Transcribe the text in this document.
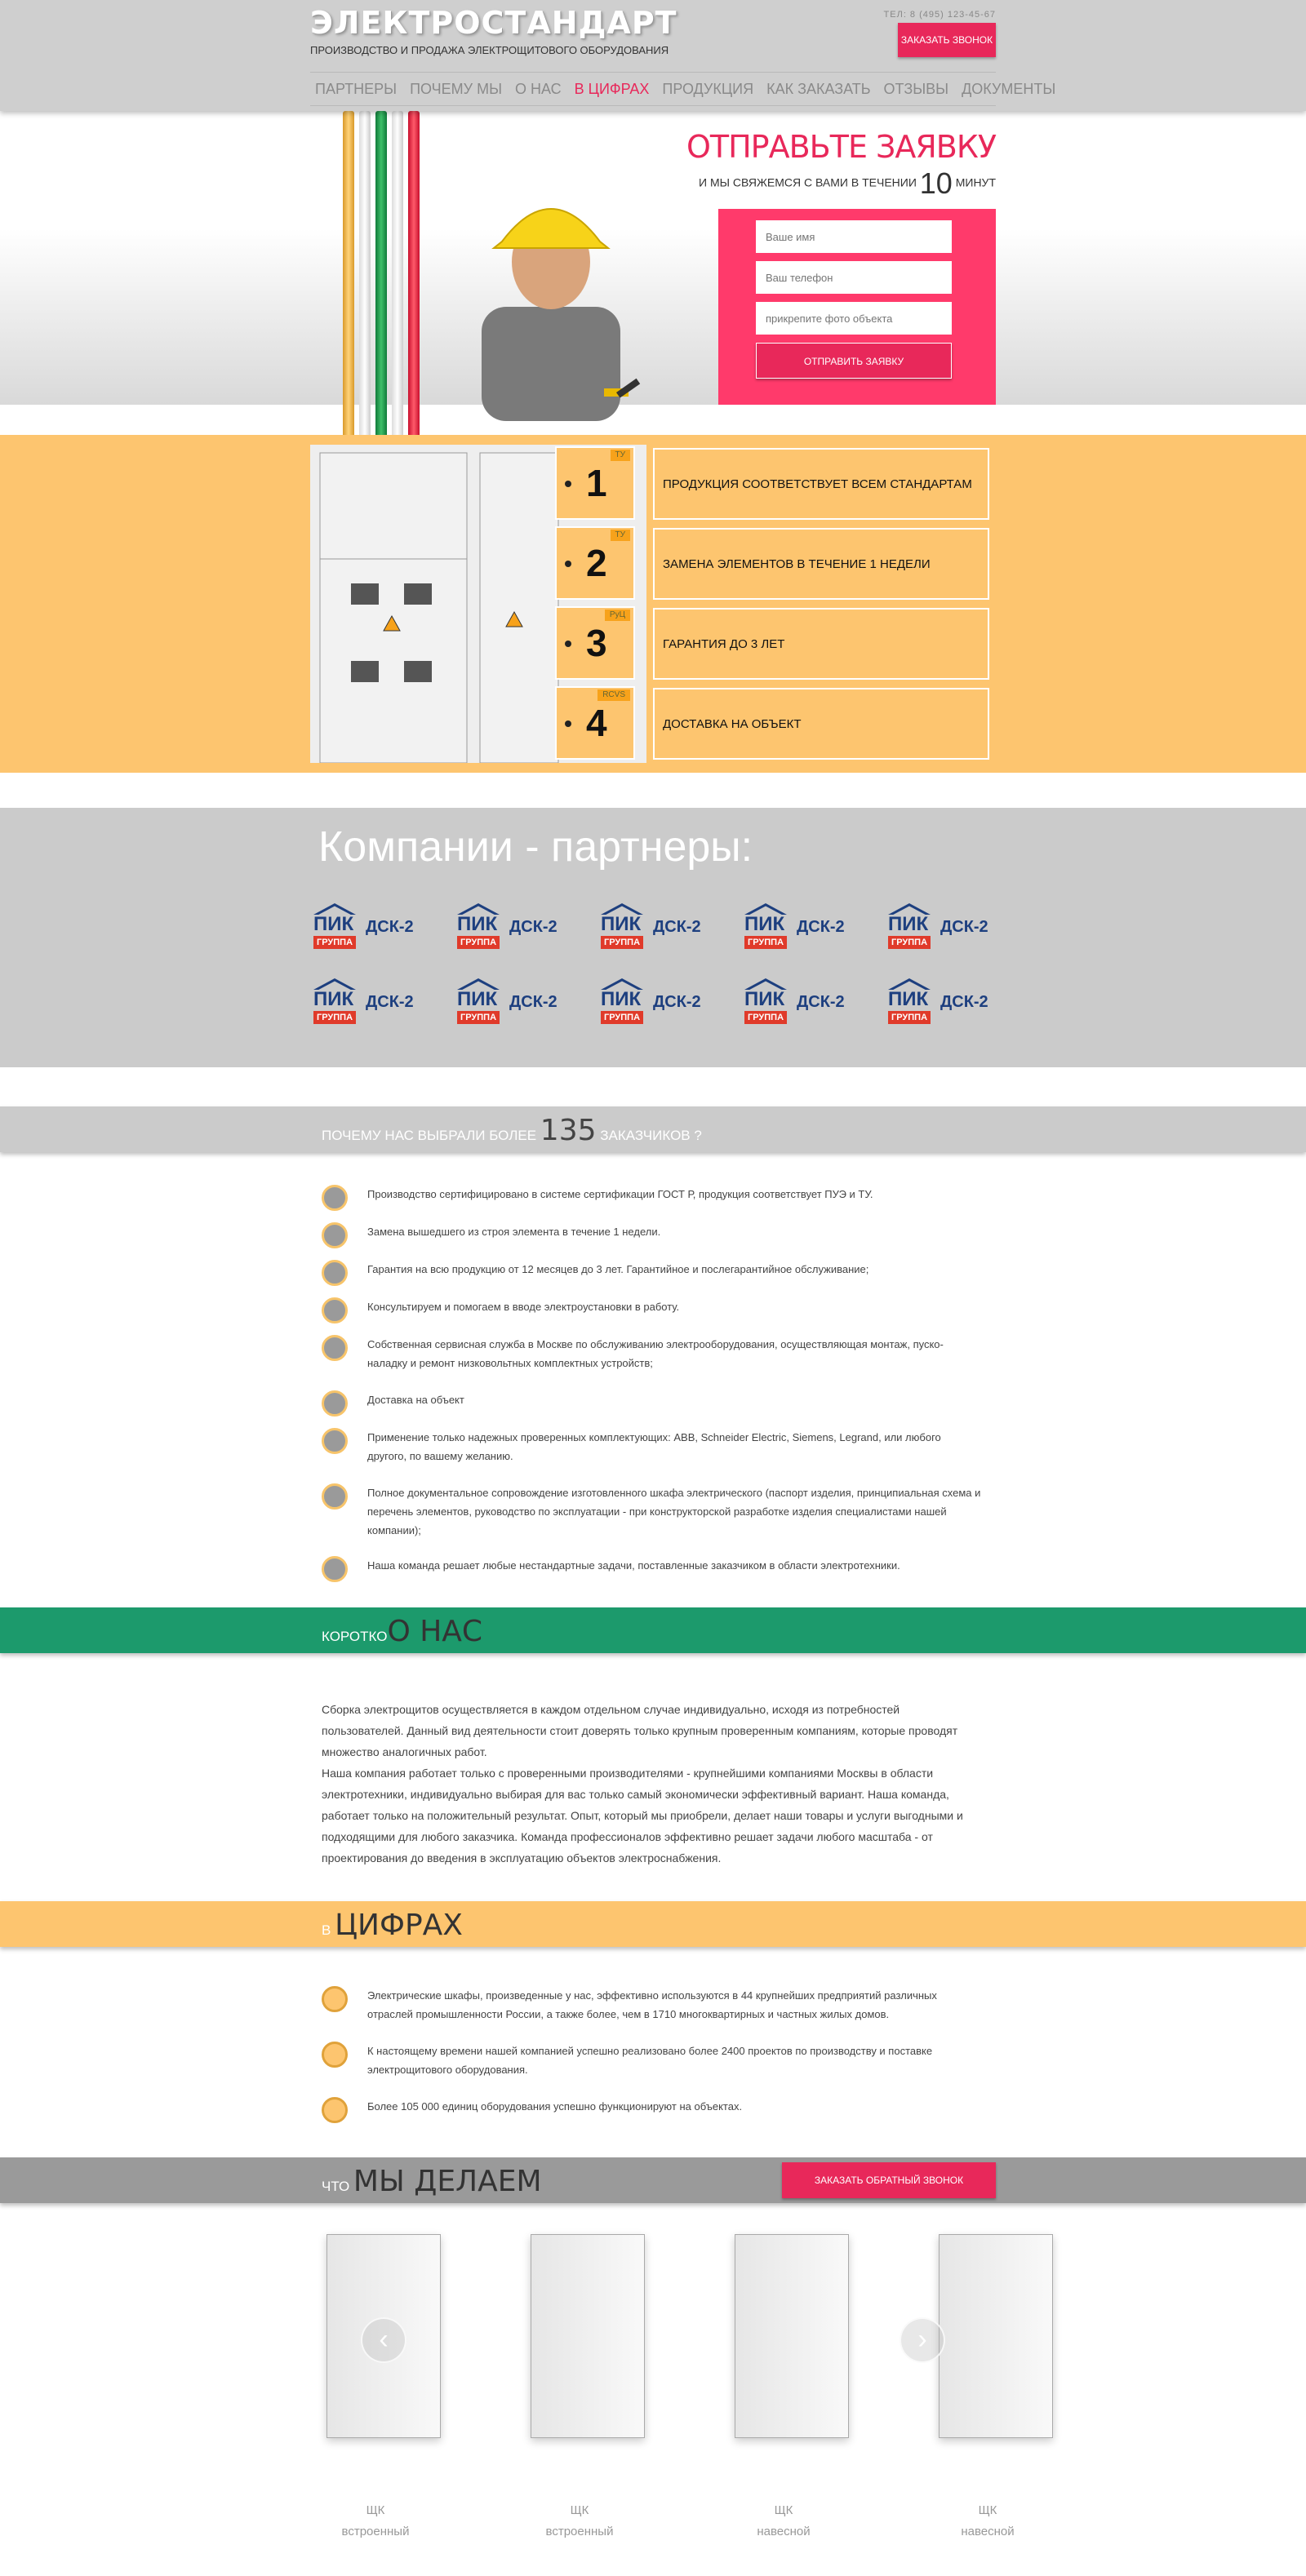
ЭЛЕКТРОСТАНДАРТ
ПРОИЗВОДСТВО И ПРОДАЖА ЭЛЕКТРОЩИТОВОГО ОБОРУДОВАНИЯ
ТЕЛ: 8 (495) 123-45-67
ЗАКАЗАТЬ ЗВОНОК
ПАРТНЕРЫ ПОЧЕМУ МЫ О НАС В ЦИФРАХ ПРОДУКЦИЯ КАК ЗАКАЗАТЬ ОТЗЫВЫ ДОКУМЕНТЫ
ОТПРАВЬТЕ ЗАЯВКУ
И МЫ СВЯЖЕМСЯ С ВАМИ В ТЕЧЕНИИ 10 МИНУТ
Ваше имя
Ваш телефон
прикрепите фото объекта
ОТПРАВИТЬ ЗАЯВКУ
1
ТУ
2
ТУ
3
РуЦ
4
RCVS
ПРОДУКЦИЯ СООТВЕТСТВУЕТ ВСЕМ СТАНДАРТАМ
ЗАМЕНА ЭЛЕМЕНТОВ В ТЕЧЕНИЕ 1 НЕДЕЛИ
ГАРАНТИЯ ДО 3 ЛЕТ
ДОСТАВКА НА ОБЪЕКТ
Компании - партнеры:
ПИК
ГРУППА
ДСК-2 ПИК
ГРУППА
ДСК-2 ПИК
ГРУППА
ДСК-2 ПИК
ГРУППА
ДСК-2 ПИК
ГРУППА
ДСК-2
ПИК
ГРУППА
ДСК-2 ПИК
ГРУППА
ДСК-2 ПИК
ГРУППА
ДСК-2 ПИК
ГРУППА
ДСК-2 ПИК
ГРУППА
ДСК-2
ПОЧЕМУ НАС ВЫБРАЛИ БОЛЕЕ 135 ЗАКАЗЧИКОВ ?
Производство сертифицировано в системе сертификации ГОСТ Р, продукция соответствует ПУЭ и ТУ.
Замена вышедшего из строя элемента в течение 1 недели.
Гарантия на всю продукцию от 12 месяцев до 3 лет. Гарантийное и послегарантийное обслуживание;
Консультируем и помогаем в вводе электроустановки в работу.
Собственная сервисная служба в Москве по обслуживанию электрооборудования, осуществляющая монтаж, пуско-наладку и ремонт низковольтных комплектных устройств;
Доставка на объект
Применение только надежных проверенных комплектующих: ABB, Schneider Electric, Siemens, Legrand, или любого другого, по вашему желанию.
Полное документальное сопровождение изготовленного шкафа электрического (паспорт изделия, принципиальная схема и перечень элементов, руководство по эксплуатации - при конструкторской разработке изделия специалистами нашей компании);
Наша команда решает любые нестандартные задачи, поставленные заказчиком в области электротехники.
КОРОТКОО НАС

Сборка электрощитов осуществляется в каждом отдельном случае индивидуально, исходя из потребностей пользователей. Данный вид деятельности стоит доверять только крупным проверенным компаниям, которые проводят множество аналогичных работ.

Наша компания работает только с проверенными производителями - крупнейшими компаниями Москвы в области электротехники, индивидуально выбирая для вас только самый экономически эффективный вариант. Наша команда, работает только на положительный результат. Опыт, который мы приобрели, делает наши товары и услуги выгодными и подходящими для любого заказчика. Команда профессионалов эффективно решает задачи любого масштаба - от проектирования до введения в эксплуатацию объектов электроснабжения.

В ЦИФРАХ
Электрические шкафы, произведенные у нас, эффективно используются в 44 крупнейших предприятий различных отраслей промышленности России, а также более, чем в 1710 многоквартирных и частных жилых домов.
К настоящему времени нашей компанией успешно реализовано более 2400 проектов по производству и поставке электрощитового оборудования.
Более 105 000 единиц оборудования успешно функционируют на объектах.
ЧТО МЫ ДЕЛАЕМ	ЗАКАЗАТЬ ОБРАТНЫЙ ЗВОНОК
ЩК
встроенный
ЩК
встроенный
ЩК
навесной
ЩК
навесной
‹	›
